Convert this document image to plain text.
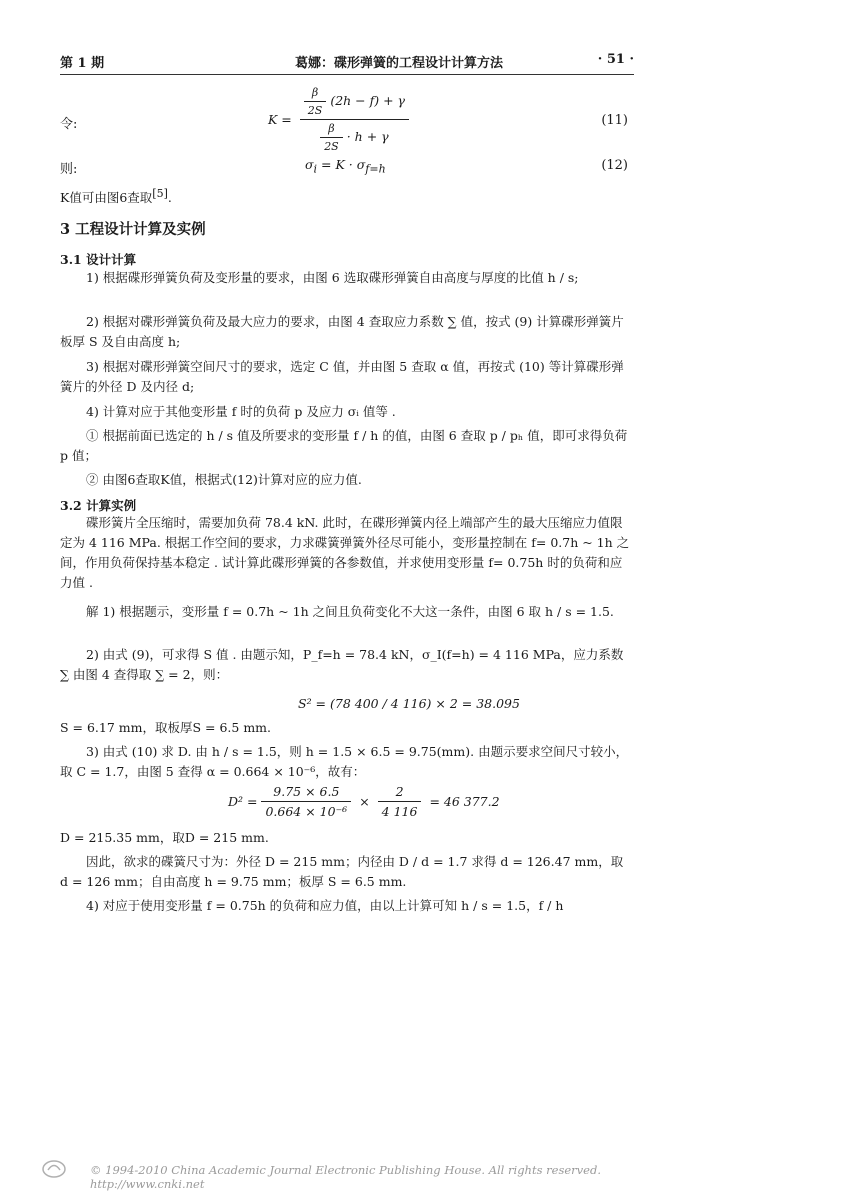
第 1 期	葛娜：碟形弹簧的工程设计计算方法	· 51 ·
令:	$K = \frac{\frac{\beta}{2S} (2h - f) + \gamma}{\frac{\beta}{2S} \cdot h + \gamma}$	(11)
则:	$\sigma_i = K \cdot \sigma_{f=h}$	(12)
K值可由图6查取[5].
3 工程设计计算及实例
3.1 设计计算
1) 根据碟形弹簧负荷及变形量的要求，由图 6 选取碟形弹簧自由高度与厚度的比值 h / s;
2) 根据对碟形弹簧负荷及最大应力的要求，由图 4 查取应力系数 ∑ 值，按式 (9) 计算碟形弹簧片板厚 S 及自由高度 h;
3) 根据对碟形弹簧空间尺寸的要求，选定 C 值，并由图 5 查取 α 值，再按式 (10) 等计算碟形弹簧片的外径 D 及内径 d;
4) 计算对应于其他变形量 f 时的负荷 p 及应力 σᵢ 值等 .
① 根据前面已选定的 h / s 值及所要求的变形量 f / h 的值，由图 6 查取 p / pₕ 值，即可求得负荷 p 值；
② 由图6查取K值，根据式(12)计算对应的应力值.
3.2 计算实例
碟形簧片全压缩时，需要加负荷 78.4 kN. 此时，在碟形弹簧内径上端部产生的最大压缩应力值限定为 4 116 MPa. 根据工作空间的要求，力求碟簧弹簧外径尽可能小，变形量控制在 f= 0.7h ~ 1h 之间，作用负荷保持基本稳定 . 试计算此碟形弹簧的各参数值，并求使用变形量 f= 0.75h 时的负荷和应力值 .
解 1) 根据题示，变形量 f = 0.7h ~ 1h 之间且负荷变化不大这一条件，由图 6 取 h / s = 1.5.
2) 由式 (9)，可求得 S 值 . 由题示知，P_f=h = 78.4 kN，σ_I(f=h) = 4 116 MPa，应力系数 ∑ 由图 4 查得取 ∑ = 2，则：
S² = (78 400 / 4 116) × 2 = 38.095
S = 6.17 mm，取板厚S = 6.5 mm.
3) 由式 (10) 求 D. 由 h / s = 1.5，则 h = 1.5 × 6.5 = 9.75(mm). 由题示要求空间尺寸较小，取 C = 1.7，由图 5 查得 α = 0.664 × 10⁻⁶，故有：
$D^2 = \frac{9.75 \times 6.5}{\text{0.664 × 10⁻⁶}} \times \frac{2}{4 116} = 46$ 377.2
D = 215.35 mm，取D = 215 mm.
因此，欲求的碟簧尺寸为：外径 D = 215 mm；内径由 D / d = 1.7 求得 d = 126.47 mm，取 d = 126 mm；自由高度 h = 9.75 mm；板厚 S = 6.5 mm.
4) 对应于使用变形量 f = 0.75h 的负荷和应力值，由以上计算可知 h / s = 1.5，f / h
© 1994-2010 China Academic Journal Electronic Publishing House. All rights reserved. http://www.cnki.net
